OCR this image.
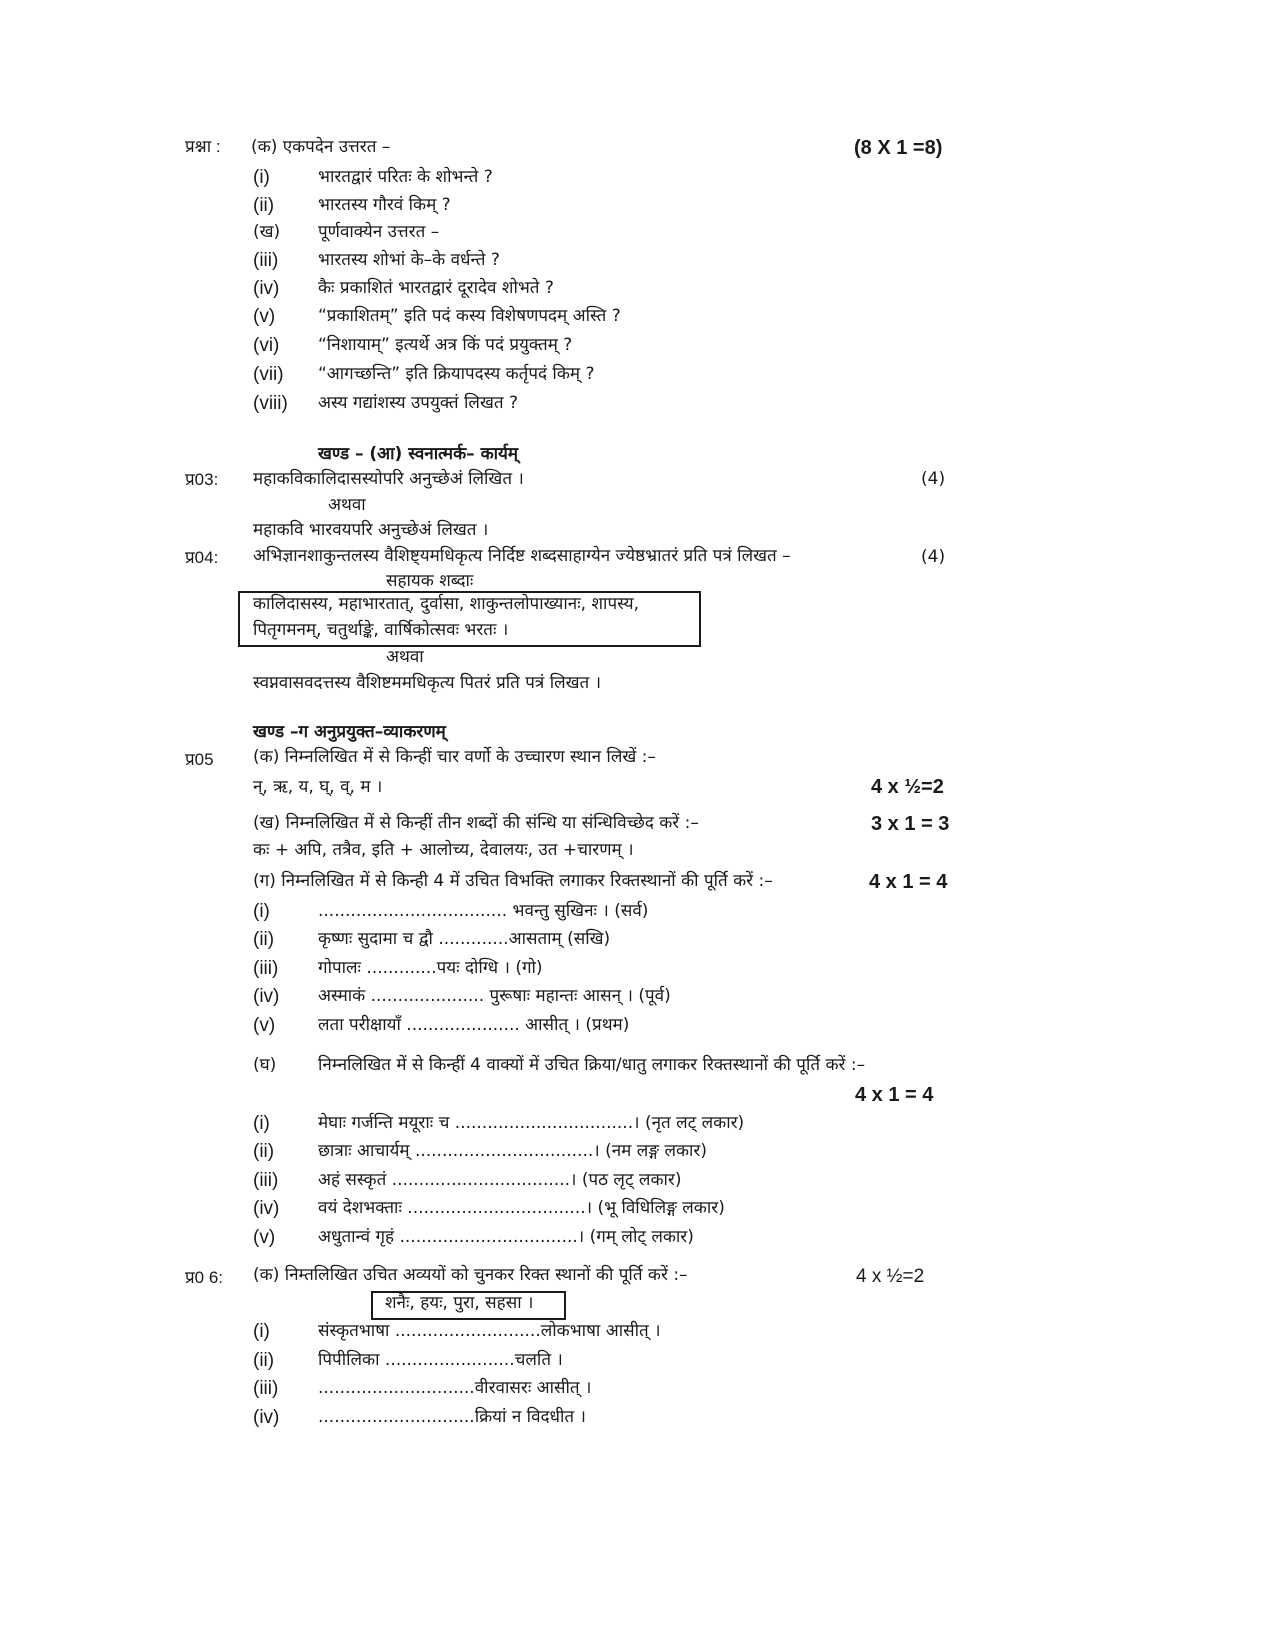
प्रश्ना : (क) एकपदेन उत्तरत –	(8 X 1 =8)
(i)	भारतद्वारं परितः के शोभन्ते ?
(ii)	भारतस्य गौरवं किम् ?
(ख) पूर्णवाक्येन उत्तरत –
(iii) भारतस्य शोभां के–के वर्धन्ते ?
(iv) कैः प्रकाशितं भारतद्वारं दूरादेव शोभते ?
(v)	“प्रकाशितम्” इति पदं कस्य विशेषणपदम् अस्ति ?
(vi) “निशायाम्” इत्यर्थे अत्र किं पदं प्रयुक्तम् ?
(vii) “आगच्छन्ति” इति क्रियापदस्य कर्तृपदं किम् ?
(viii) अस्य गद्यांशस्य उपयुक्तं लिखत ?
खण्ड – (आ) स्वनात्मर्क– कार्यम्
प्र03: महाकविकालिदासस्योपरि अनुच्छेअं लिखित ।	(4)
अथवा
महाकवि भारवयपरि अनुच्छेअं लिखत ।
प्र04: अभिज्ञानशाकुन्तलस्य वैशिष्ट्यमधिकृत्य निर्दिष्ट शब्दसाहाग्येन ज्येष्ठभ्रातरं प्रति पत्रं लिखत –	(4)
सहायक शब्दाः
कालिदासस्य, महाभारतात्, दुर्वासा, शाकुन्तलोपाख्यानः, शापस्य,
पितृगमनम्, चतुर्थाङ्के, वार्षिकोत्सवः भरतः ।
अथवा
स्वप्नवासवदत्तस्य वैशिष्टममधिकृत्य पितरं प्रति पत्रं लिखत ।
खण्ड –ग अनुप्रयुक्त–व्याकरणम्
प्र05 (क) निम्नलिखित में से किन्हीं चार वर्णो के उच्चारण स्थान लिखें :–
न्, ऋ, य, घ्, व्, म ।	4 x ½=2
(ख) निम्नलिखित में से किन्हीं तीन शब्दों की संन्धि या संन्धिविच्छेद करें :–	3 x 1 = 3
कः + अपि, तत्रैव, इति + आलोच्य, देवालयः, उत +चारणम् ।
(ग) निम्नलिखित में से किन्ही 4 में उचित विभक्ति लगाकर रिक्तस्थानों की पूर्ति करें :–	4 x 1 = 4
(i)	................................... भवन्तु सुखिनः । (सर्व)
(ii)	कृष्णः सुदामा च द्वौ .............आसताम् (सखि)
(iii) गोपालः .............पयः दोग्धि । (गो)
(iv) अस्माकं ..................... पुरूषाः महान्तः आसन् । (पूर्व)
(v)	लता परीक्षायाँ ..................... आसीत् । (प्रथम)
(घ) निम्नलिखित में से किन्हीं 4 वाक्यों में उचित क्रिया/धातु लगाकर रिक्तस्थानों की पूर्ति करें :–
4 x 1 = 4
(i)	मेघाः गर्जन्ति मयूराः च .................................। (नृत लट् लकार)
(ii)	छात्राः आचार्यम् .................................। (नम लङ्ग लकार)
(iii) अहं सस्कृतं .................................। (पठ लृट् लकार)
(iv) वयं देशभक्ताः .................................। (भू विधिलिङ्ग लकार)
(v)	अधुतान्वं गृहं .................................। (गम् लोट् लकार)
प्र0 6: (क) निम्तलिखित उचित अव्ययों को चुनकर रिक्त स्थानों की पूर्ति करें :–	4 x ½=2
शनैः, हयः, पुरा, सहसा ।
(i)	संस्कृतभाषा ...........................लोकभाषा आसीत् ।
(ii)	पिपीलिका ........................चलति ।
(iii) .............................वीरवासरः आसीत् ।
(iv) .............................क्रियां न विदधीत ।
